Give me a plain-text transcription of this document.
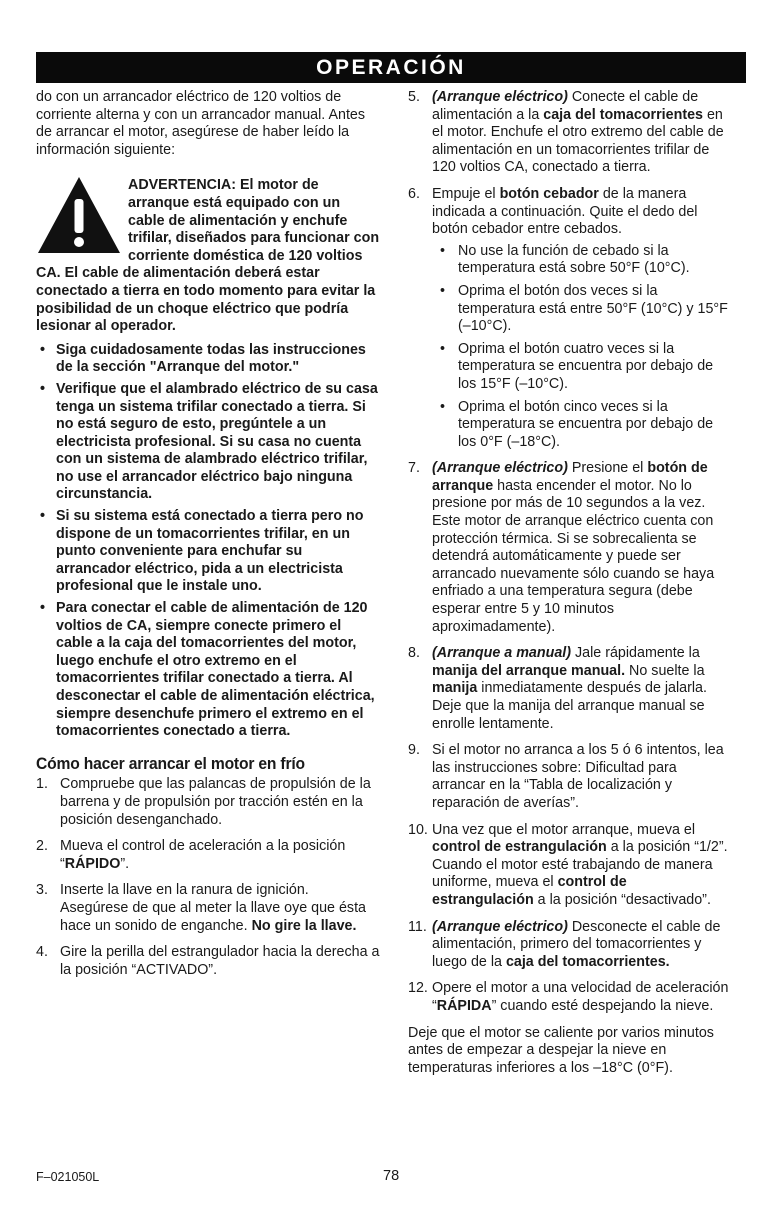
OPERACIÓN

do con un arrancador eléctrico de 120 voltios de corriente alterna y con un arrancador manual. Antes de arrancar el motor, asegúrese de haber leído la información siguiente:

ADVERTENCIA: El motor de arranque está equipado con un cable de alimentación y enchufe trifilar, diseñados para funcionar con corriente doméstica de 120 voltios CA. El cable de alimentación deberá estar conectado a tierra en todo momento para evitar la posibilidad de un choque eléctrico que podría lesionar al operador.

• Siga cuidadosamente todas las instrucciones de la sección "Arranque del motor."
• Verifique que el alambrado eléctrico de su casa tenga un sistema trifilar conectado a tierra. Si no está seguro de esto, pregúntele a un electricista profesional. Si su casa no cuenta con un sistema de alambrado eléctrico trifilar, no use el arrancador eléctrico bajo ninguna circunstancia.
• Si su sistema está conectado a tierra pero no dispone de un tomacorrientes trifilar, en un punto conveniente para enchufar su arrancador eléctrico, pida a un electricista profesional que le instale uno.
• Para conectar el cable de alimentación de 120 voltios de CA, siempre conecte primero el cable a la caja del tomacorrientes del motor, luego enchufe el otro extremo en el tomacorrientes trifilar conectado a tierra. Al desconectar el cable de alimentación eléctrica, siempre desenchufe primero el extremo en el tomacorrientes conectado a tierra.
Cómo hacer arrancar el motor en frío
1. Compruebe que las palancas de propulsión de la barrena y de propulsión por tracción estén en la posición desenganchado.
2. Mueva el control de aceleración a la posición “RÁPIDO”.
3. Inserte la llave en la ranura de ignición. Asegúrese de que al meter la llave oye que ésta hace un sonido de enganche. No gire la llave.
4. Gire la perilla del estrangulador hacia la derecha a la posición “ACTIVADO”.
5. (Arranque eléctrico) Conecte el cable de alimentación a la caja del tomacorrientes en el motor. Enchufe el otro extremo del cable de alimentación en un tomacorrientes trifilar de 120 voltios CA, conectado a tierra.
6. Empuje el botón cebador de la manera indicada a continuación. Quite el dedo del botón cebador entre cebados.
• No use la función de cebado si la temperatura está sobre 50°F (10°C).
• Oprima el botón dos veces si la temperatura está entre 50°F (10°C) y 15°F (–10°C).
• Oprima el botón cuatro veces si la temperatura se encuentra por debajo de los 15°F (–10°C).
• Oprima el botón cinco veces si la temperatura se encuentra por debajo de los 0°F (–18°C).
7. (Arranque eléctrico) Presione el botón de arranque hasta encender el motor. No lo presione por más de 10 segundos a la vez. Este motor de arranque eléctrico cuenta con protección térmica. Si se sobrecalienta se detendrá automáticamente y puede ser arrancado nuevamente sólo cuando se haya enfriado a una temperatura segura (debe esperar entre 5 y 10 minutos aproximadamente).
8. (Arranque a manual) Jale rápidamente la manija del arranque manual. No suelte la manija inmediatamente después de jalarla. Deje que la manija del arranque manual se enrolle lentamente.
9. Si el motor no arranca a los 5 ó 6 intentos, lea las instrucciones sobre: Dificultad para arrancar en la “Tabla de localización y reparación de averías”.
10. Una vez que el motor arranque, mueva el control de estrangulación a la posición “1/2”. Cuando el motor esté trabajando de manera uniforme, mueva el control de estrangulación a la posición “desactivado”.
11. (Arranque eléctrico) Desconecte el cable de alimentación, primero del tomacorrientes y luego de la caja del tomacorrientes.
12. Opere el motor a una velocidad de aceleración “RÁPIDA” cuando esté despejando la nieve.

Deje que el motor se caliente por varios minutos antes de empezar a despejar la nieve en temperaturas inferiores a los –18°C (0°F).

F–021050L	78
